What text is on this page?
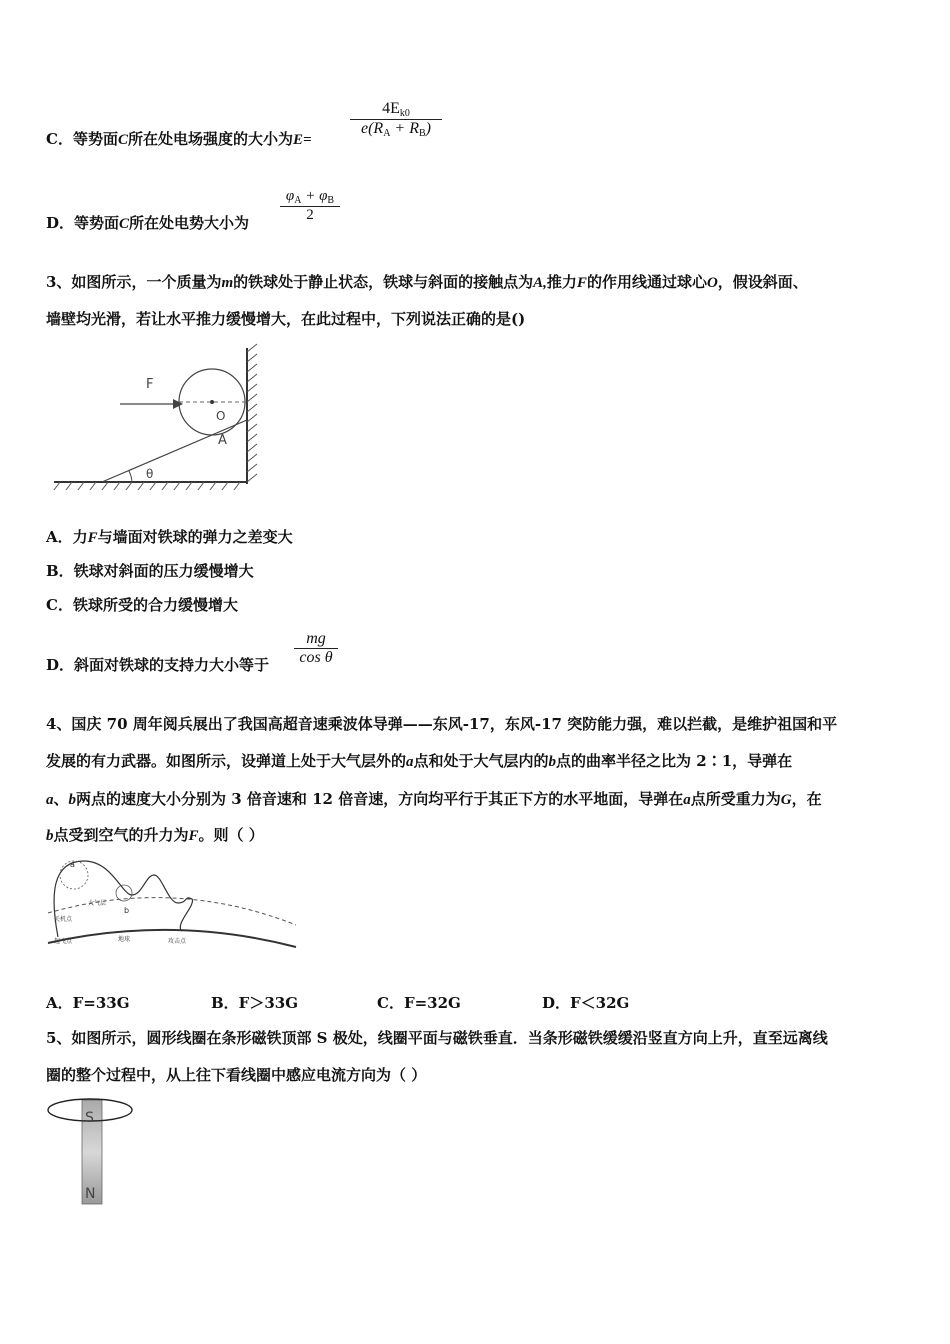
C．等势面C所在处电场强度的大小为E=
$4E_{k0}$
$e(R_A + R_B)$
D．等势面C所在处电势大小为
$\varphi_A + \varphi_B$
2
3、如图所示，一个质量为m的铁球处于静止状态，铁球与斜面的接触点为A,推力F的作用线通过球心O，假设斜面、
墙壁均光滑，若让水平推力缓慢增大，在此过程中，下列说法正确的是()
θ
O
A
F
A．力F与墙面对铁球的弹力之差变大
B．铁球对斜面的压力缓慢增大
C．铁球所受的合力缓慢增大
D．斜面对铁球的支持力大小等于
mg
cos θ
4、国庆 70 周年阅兵展出了我国高超音速乘波体导弹——东风-17，东风-17 突防能力强，难以拦截，是维护祖国和平
发展的有力武器。如图所示，设弹道上处于大气层外的a点和处于大气层内的b点的曲率半径之比为 2∶1，导弹在
a、b两点的速度大小分别为 3 倍音速和 12 倍音速，方向均平行于其正下方的水平地面，导弹在a点所受重力为G，在
b点受到空气的升力为F。则（ ）
a
b
大气层
关机点
起飞点	地球	攻击点
A．F=33G	B．F＞33G	C．F=32G	D．F＜32G
5、如图所示，圆形线圈在条形磁铁顶部 S 极处，线圈平面与磁铁垂直．当条形磁铁缓缓沿竖直方向上升，直至远离线
圈的整个过程中，从上往下看线圈中感应电流方向为（ ）
S
N
